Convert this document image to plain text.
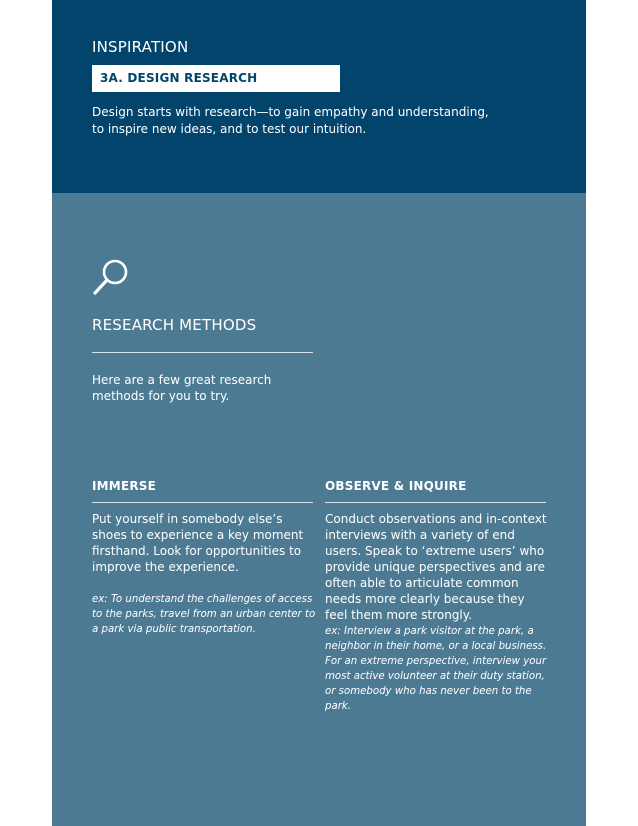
INSPIRATION
3A. DESIGN RESEARCH
Design starts with research—to gain empathy and understanding, to inspire new ideas, and to test our intuition.
RESEARCH METHODS
Here are a few great research methods for you to try.
IMMERSE
Put yourself in somebody else’s shoes to experience a key moment firsthand. Look for opportunities to improve the experience.
ex: To understand the challenges of access to the parks, travel from an urban center to a park via public transportation.
OBSERVE & INQUIRE
Conduct observations and in-context interviews with a variety of end users. Speak to ‘extreme users’ who provide unique perspectives and are often able to articulate common needs more clearly because they feel them more strongly.
ex: Interview a park visitor at the park, a neighbor in their home, or a local business. For an extreme perspective, interview your most active volunteer at their duty station, or somebody who has never been to the park.
